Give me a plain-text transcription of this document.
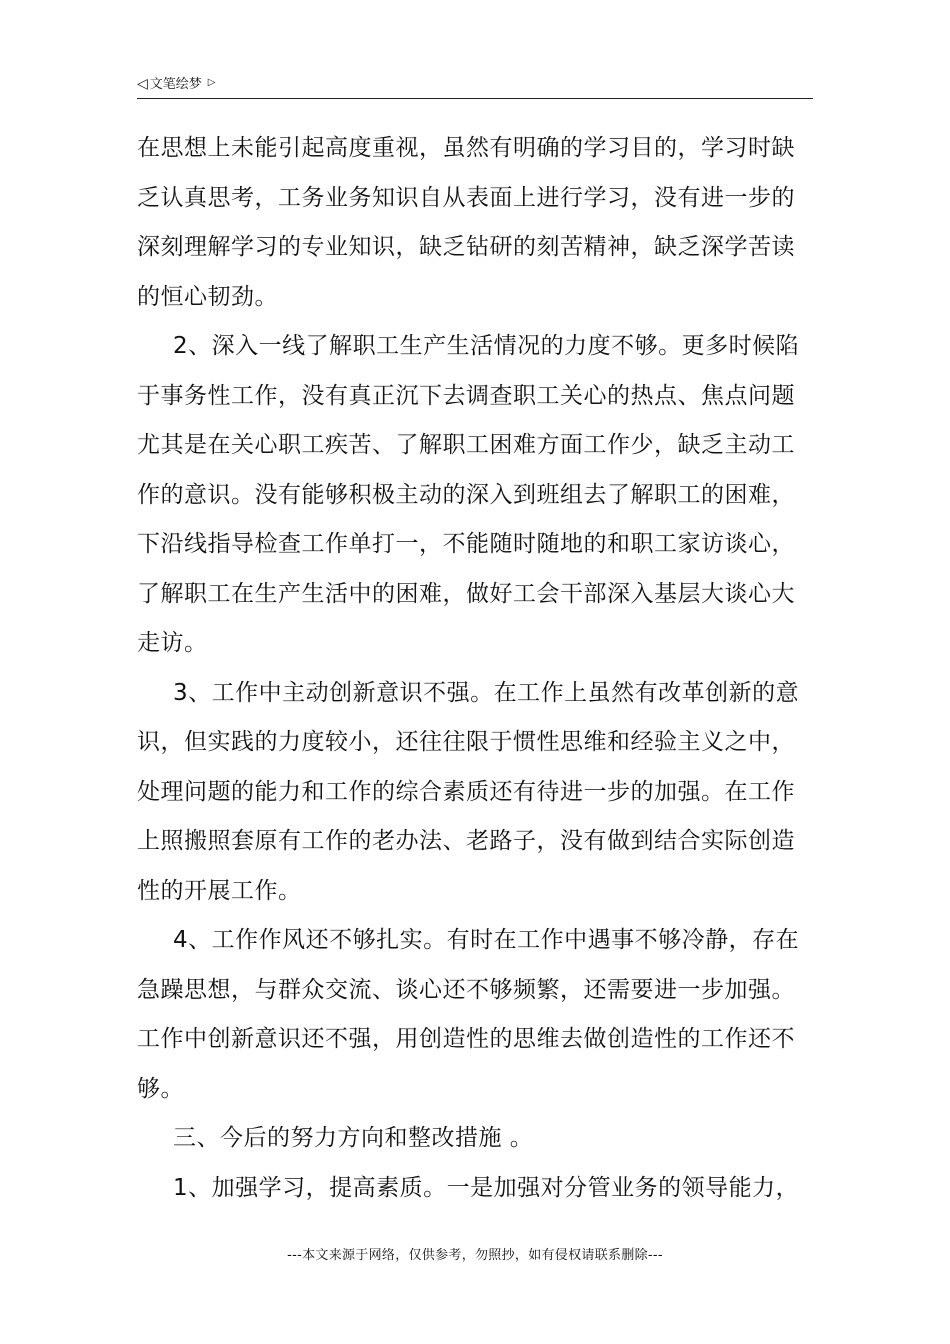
◁ 文笔绘梦 ▷

在思想上未能引起高度重视，虽然有明确的学习目的，学习时缺乏认真思考，工务业务知识自从表面上进行学习，没有进一步的深刻理解学习的专业知识，缺乏钻研的刻苦精神，缺乏深学苦读的恒心韧劲。

2、深入一线了解职工生产生活情况的力度不够。更多时候陷于事务性工作，没有真正沉下去调查职工关心的热点、焦点问题尤其是在关心职工疾苦、了解职工困难方面工作少，缺乏主动工作的意识。没有能够积极主动的深入到班组去了解职工的困难，下沿线指导检查工作单打一，不能随时随地的和职工家访谈心，了解职工在生产生活中的困难，做好工会干部深入基层大谈心大走访。

3、工作中主动创新意识不强。在工作上虽然有改革创新的意识，但实践的力度较小，还往往限于惯性思维和经验主义之中，处理问题的能力和工作的综合素质还有待进一步的加强。在工作上照搬照套原有工作的老办法、老路子，没有做到结合实际创造性的开展工作。

4、工作作风还不够扎实。有时在工作中遇事不够冷静，存在急躁思想，与群众交流、谈心还不够频繁，还需要进一步加强。工作中创新意识还不强，用创造性的思维去做创造性的工作还不够。

三、今后的努力方向和整改措施 。

1、加强学习，提高素质。一是加强对分管业务的领导能力，

---本文来源于网络，仅供参考，勿照抄，如有侵权请联系删除---
